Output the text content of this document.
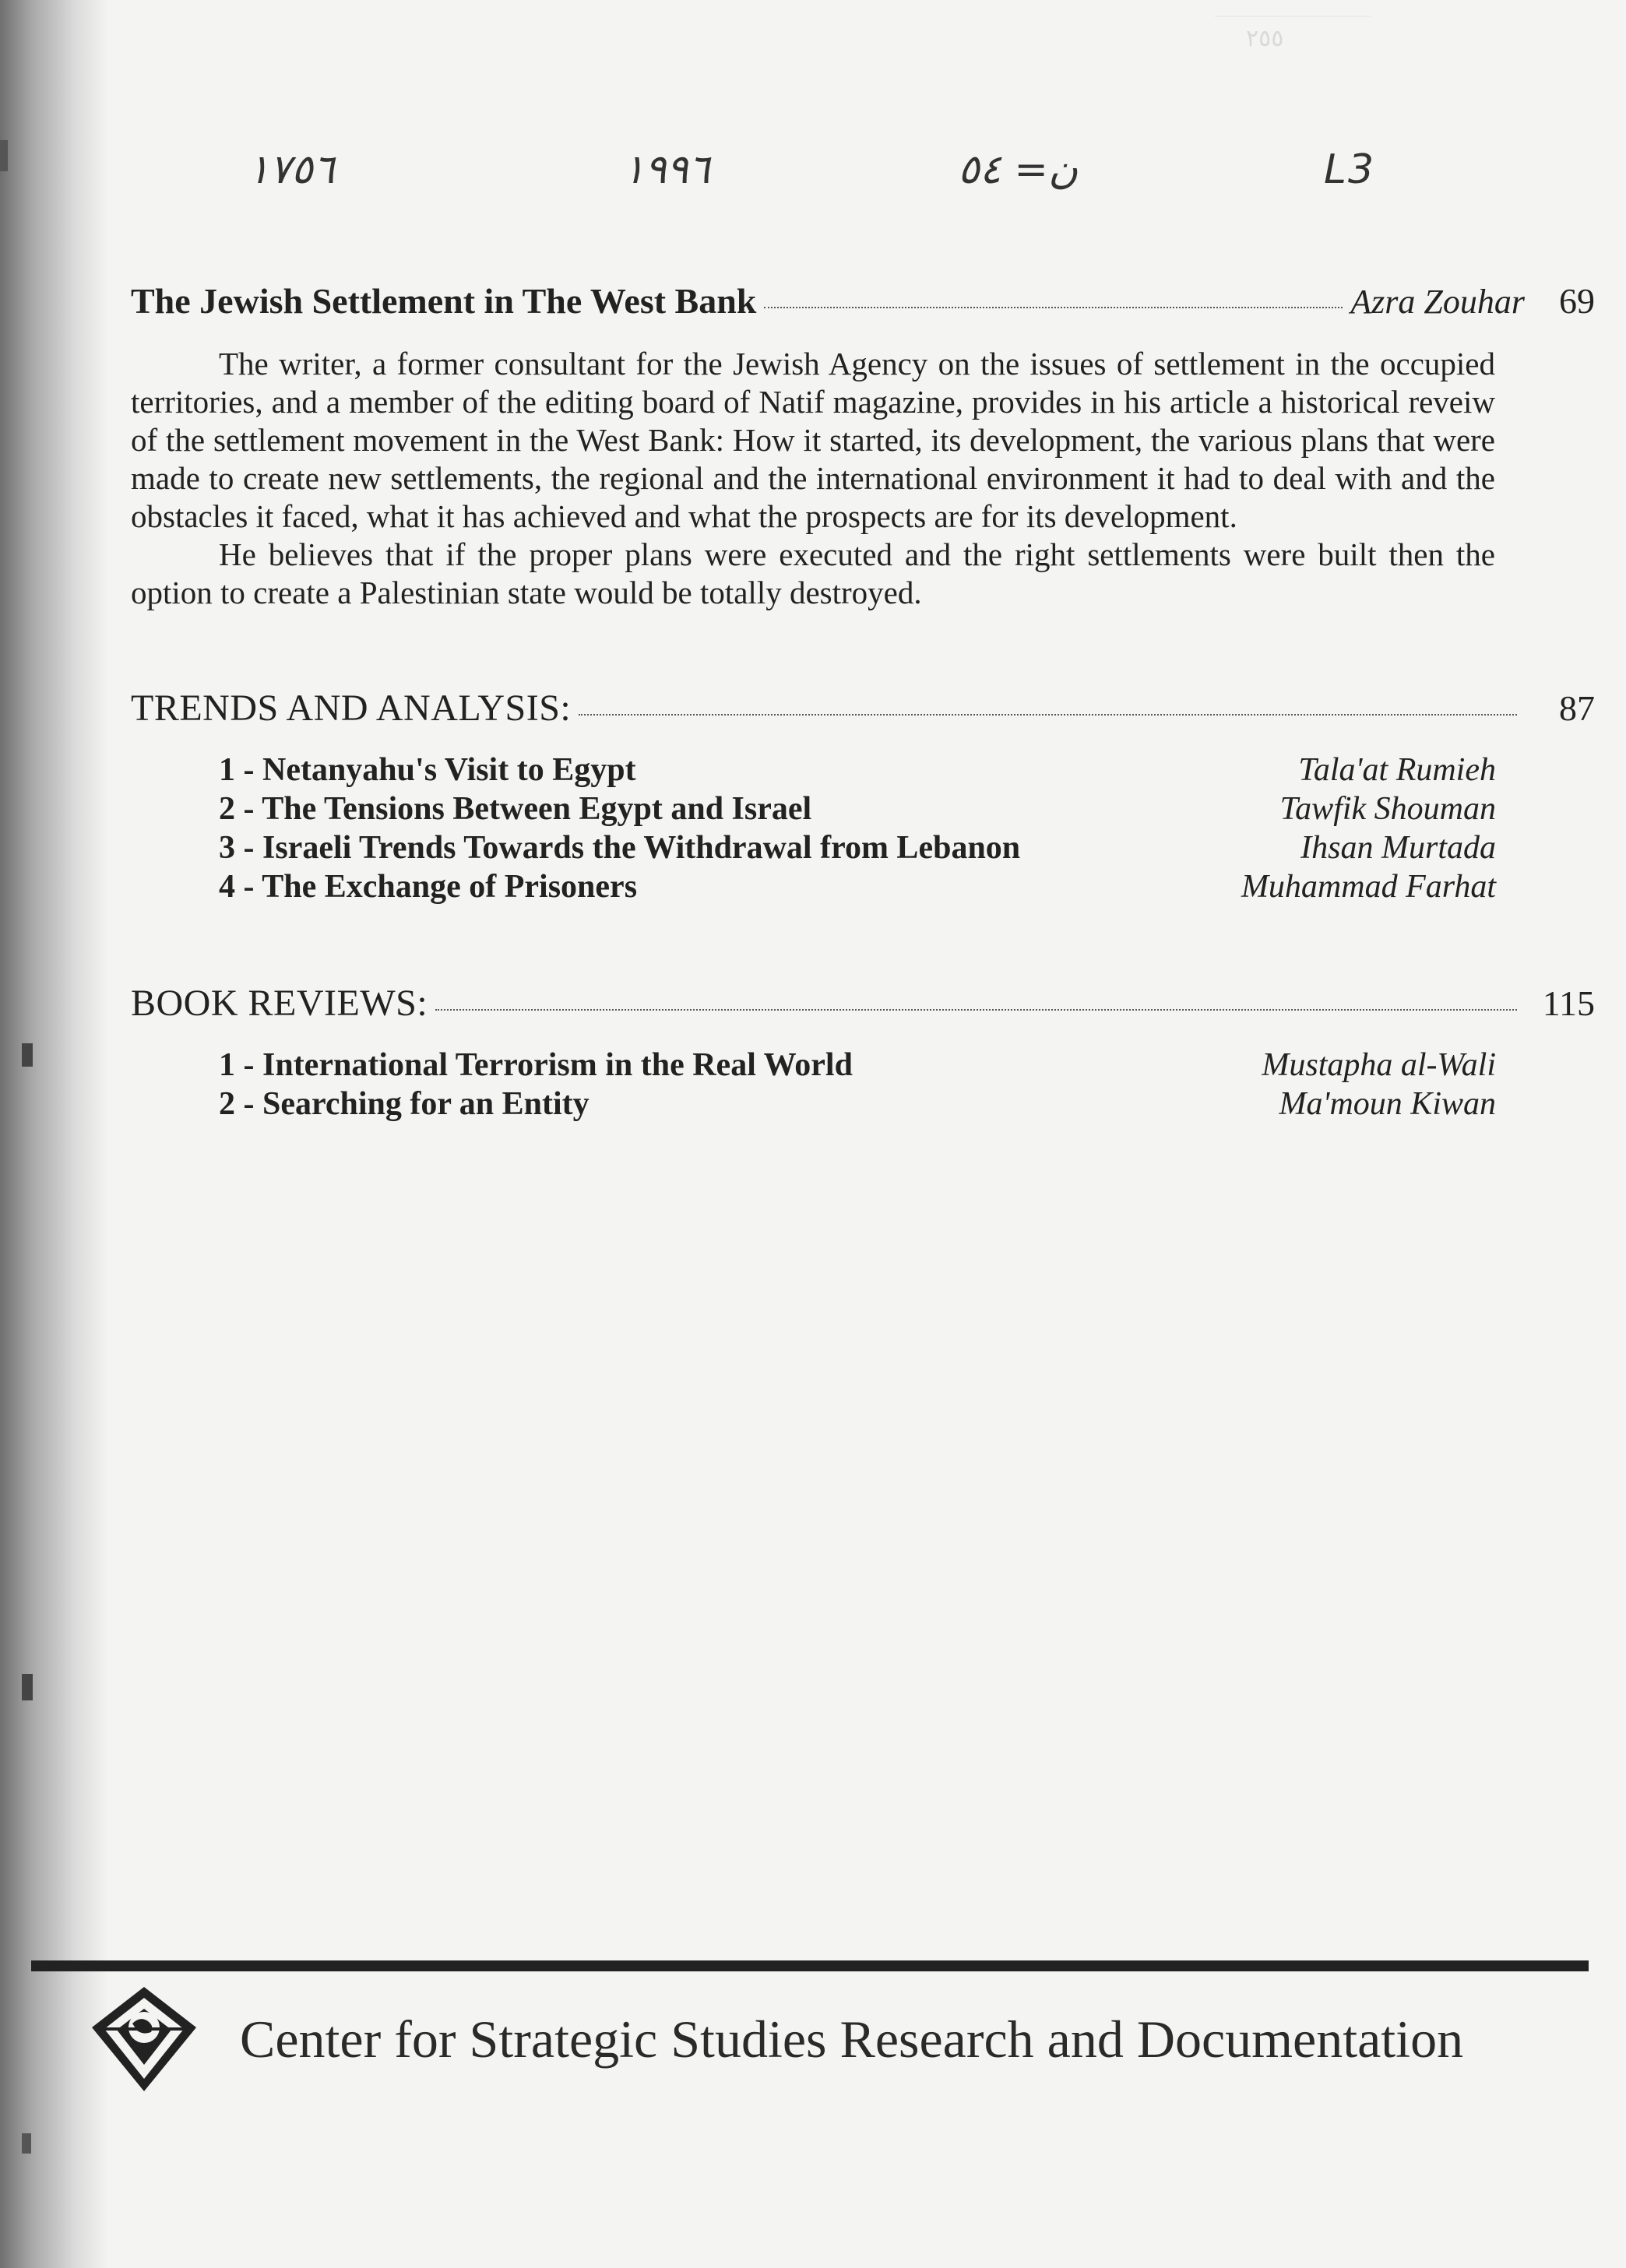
١٧٥٦	١٩٩٦	ن= ٥٤	L3
٢٥٥
The Jewish Settlement in The West Bank	Azra Zouhar 69

The writer, a former consultant for the Jewish Agency on the issues of settlement in the occupied territories, and a member of the editing board of Natif magazine, provides in his article a historical reveiw of the settlement movement in the West Bank: How it started, its development, the various plans that were made to create new settlements, the regional and the international environment it had to deal with and the obstacles it faced, what it has achieved and what the prospects are for its development.

He believes that if the proper plans were executed and the right settlements were built then the option to create a Palestinian state would be totally destroyed.

TRENDS AND ANALYSIS:	87
1 - Netanyahu's Visit to Egypt	Tala'at Rumieh
2 - The Tensions Between Egypt and Israel	Tawfik Shouman
3 - Israeli Trends Towards the Withdrawal from Lebanon	Ihsan Murtada
4 - The Exchange of Prisoners	Muhammad Farhat
BOOK REVIEWS:	115
1 - International Terrorism in the Real World	Mustapha al-Wali
2 - Searching for an Entity	Ma'moun Kiwan
Center for Strategic Studies Research and Documentation
